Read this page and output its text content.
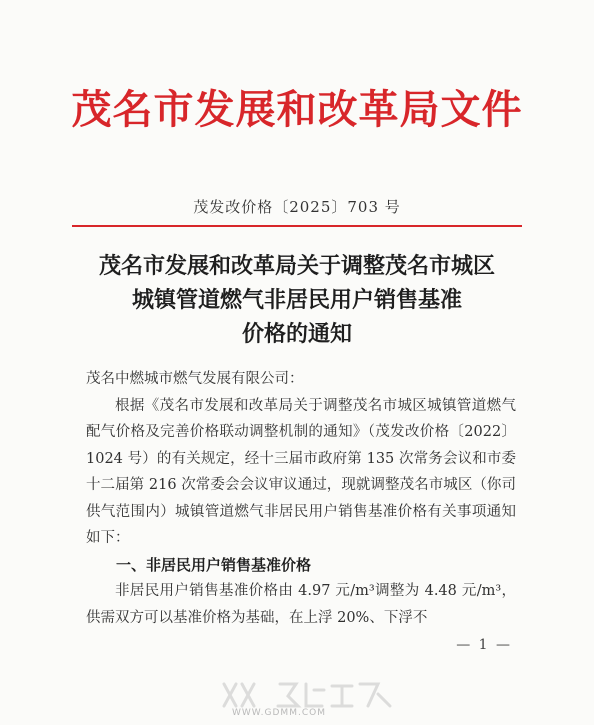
茂名市发展和改革局文件
茂发改价格〔2025〕703 号
茂名市发展和改革局关于调整茂名市城区
城镇管道燃气非居民用户销售基准
价格的通知

茂名中燃城市燃气发展有限公司：

根据《茂名市发展和改革局关于调整茂名市城区城镇管道燃气配气价格及完善价格联动调整机制的通知》（茂发改价格〔2022〕1024 号）的有关规定，经十三届市政府第 135 次常务会议和市委十二届第 216 次常委会会议审议通过，现就调整茂名市城区（你司供气范围内）城镇管道燃气非居民用户销售基准价格有关事项通知如下：

一、非居民用户销售基准价格

非居民用户销售基准价格由 4.97 元/m³调整为 4.48 元/m³，供需双方可以基准价格为基础，在上浮 20%、下浮不

— 1 —
WWW.GDMM.COM
